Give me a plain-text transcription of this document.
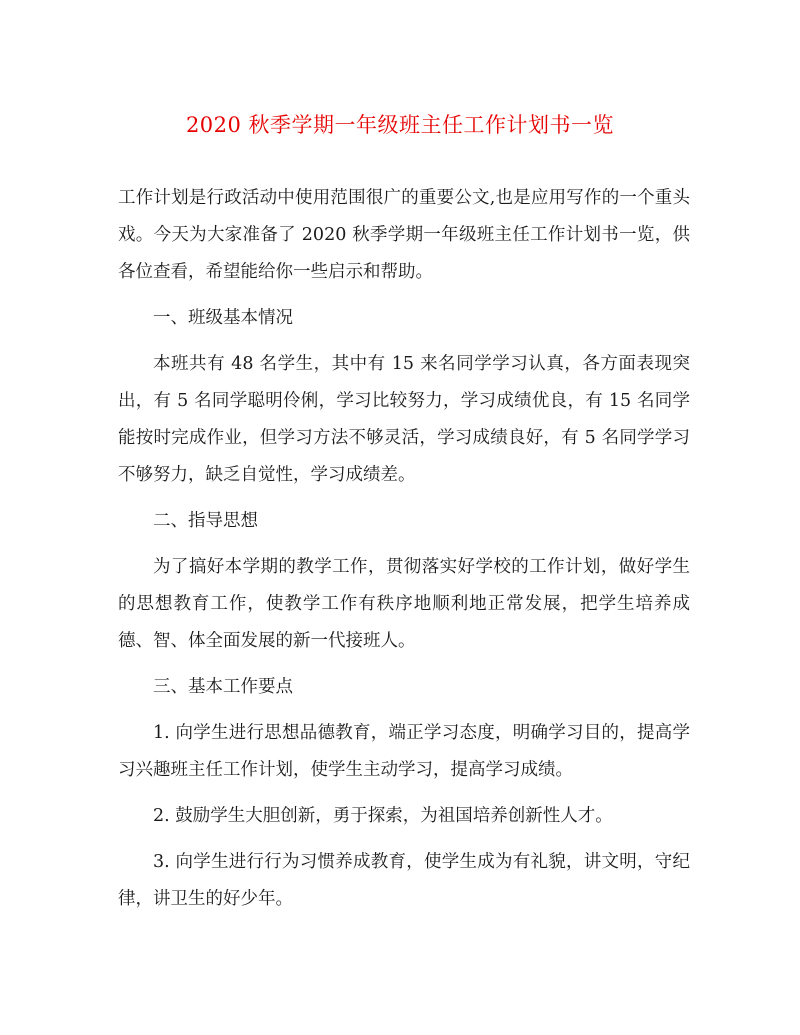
2020 秋季学期一年级班主任工作计划书一览

工作计划是行政活动中使用范围很广的重要公文,也是应用写作的一个重头戏。今天为大家准备了 2020 秋季学期一年级班主任工作计划书一览，供各位查看，希望能给你一些启示和帮助。

一、班级基本情况

本班共有 48 名学生，其中有 15 来名同学学习认真，各方面表现突出，有 5 名同学聪明伶俐，学习比较努力，学习成绩优良，有 15 名同学能按时完成作业，但学习方法不够灵活，学习成绩良好，有 5 名同学学习不够努力，缺乏自觉性，学习成绩差。

二、指导思想

为了搞好本学期的教学工作，贯彻落实好学校的工作计划，做好学生的思想教育工作，使教学工作有秩序地顺利地正常发展，把学生培养成德、智、体全面发展的新一代接班人。

三、基本工作要点

1. 向学生进行思想品德教育，端正学习态度，明确学习目的，提高学习兴趣班主任工作计划，使学生主动学习，提高学习成绩。

2. 鼓励学生大胆创新，勇于探索，为祖国培养创新性人才。

3. 向学生进行行为习惯养成教育，使学生成为有礼貌，讲文明，守纪律，讲卫生的好少年。
